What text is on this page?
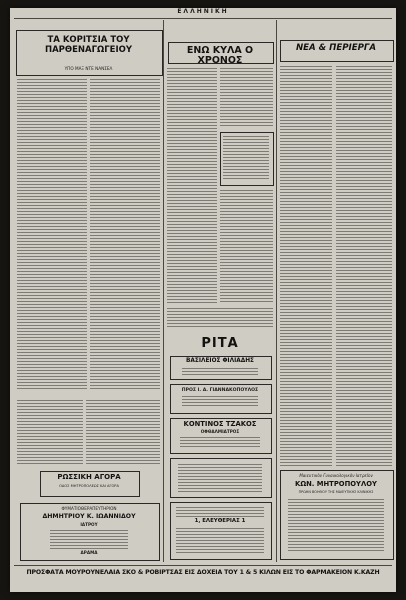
ΕΛΛΗΝΙΚΗ
ΤΑ ΚΟΡΙΤΣΙΑ ΤΟΥ ΠΑΡΘΕΝΑΓΩΓΕΙΟΥ
ΥΠΟ ΜΑΞ ΝΤΕ ΝΑΝΣΕΛ
ΡΩΣΣΙΚΗ ΑΓΟΡΑ
ΟΔΟΣ ΜΗΤΡΟΠΟΛΕΩΣ ΚΑΙ ΑΓΟΡΑ
ΦΥΜΑΤΙΟΘΕΡΑΠΕΥΤΗΡΙΟΝ
ΔΗΜΗΤΡΙΟΥ Κ. ΙΩΑΝΝΙΔΟΥ
ΙΑΤΡΟΥ
ΔΡΑΜΑ
ΕΝΩ ΚΥΛΑ Ο ΧΡΟΝΟΣ
ΡΙΤΑ
ΒΑΣΙΛΕΙΟΣ ΦΙΛΙΑΔΗΣ
ΠΡΟΣ Ι. Α. ΓΙΑΝΝΑΚΟΠΟΥΛΟΣ
ΚΟΝΤΙΝΟΣ ΤΖΑΚΟΣ
ΟΦΘΑΛΜΙΑΤΡΟΣ
1, ΕΛΕΥΘΕΡΙΑΣ 1
ΝΕΑ & ΠΕΡΙΕΡΓΑ
Μαιευτικὸν Γυναικολογικὸν Ιατρεῖον
ΚΩΝ. ΜΗΤΡΟΠΟΥΛΟΥ
ΠΡΩΗΝ ΒΟΗΘΟΥ ΤΗΣ ΜΑΙΕΥΤΙΚΗΣ ΚΛΙΝΙΚΗΣ
ΠΡΟΣΦΑΤΑ ΜΟΥΡΟΥΝΕΛΑΙΑ ΣΚΟ & ΡΟΒΙΡΤΣΑΣ ΕΙΣ ΔΟΧΕΙΑ ΤΟΥ 1 & 5 ΚΙΛΩΝ ΕΙΣ ΤΟ ΦΑΡΜΑΚΕΙΟΝ Κ.ΚΑΖΗ
